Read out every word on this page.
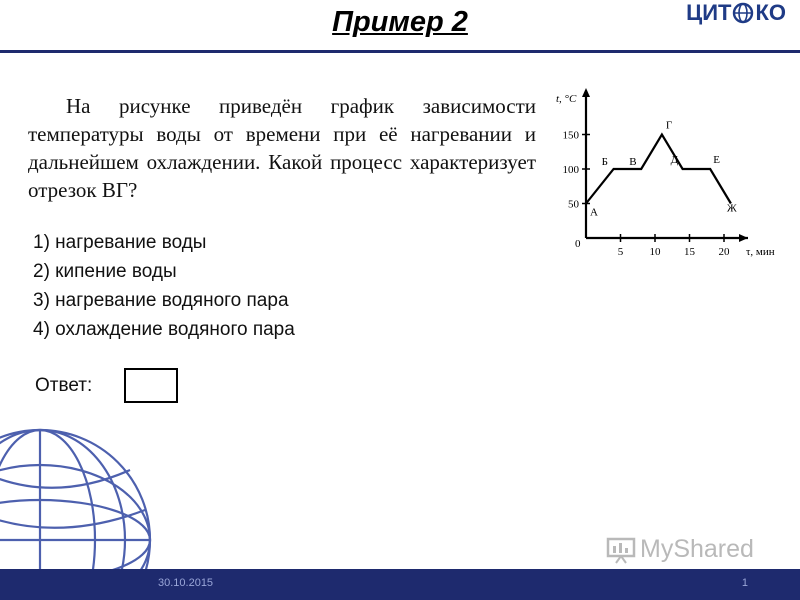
Пример 2	ЦИТ КО

На рисунке приведён график зависимости температуры воды от времени при её нагревании и дальнейшем охлаждении. Какой процесс характеризует отрезок ВГ?

t, °C
τ, мин
0
5 10 15 20
50
100
150
А
Б В
Г
Д	Е
Ж
1) нагревание воды
2) кипение воды
3) нагревание водяного пара
4) охлаждение водяного пара
Ответ:
MyShared
30.10.2015	1
